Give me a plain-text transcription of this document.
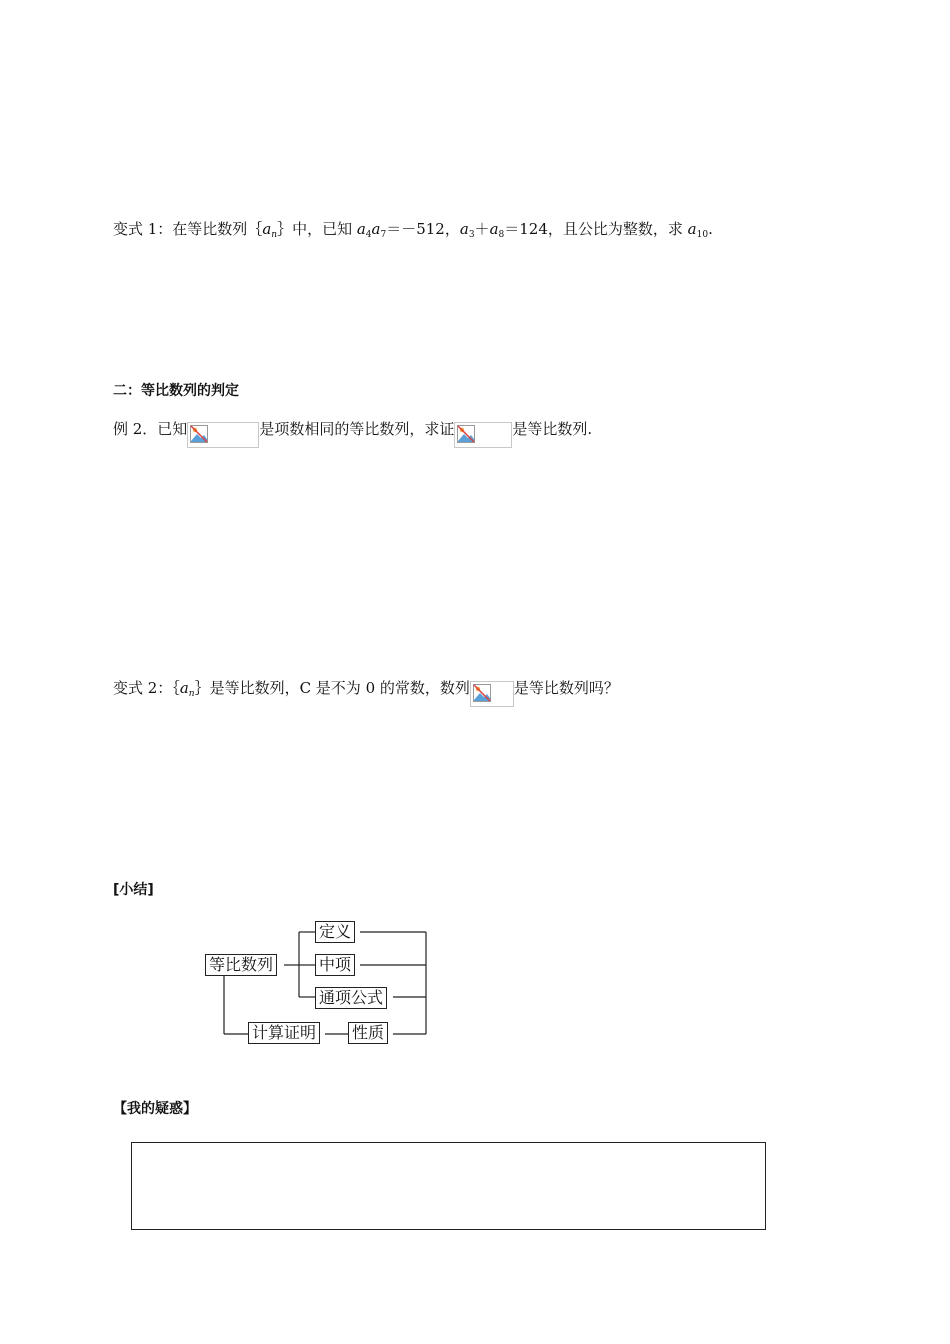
变式 1：在等比数列$\{a_n\}$中，已知 $a_4a_7=-512$，$a_3+a_8=124$，且公比为整数，求 $a_{10}$.
二：等比数列的判定
例 2．已知	是项数相同的等比数列，求证	是等比数列.
变式 2：$\{a_n\}$是等比数列，C 是不为 0 的常数，数列	是等比数列吗？
[小结]
等比数列
定义
中项
通项公式
计算证明 性质
【我的疑惑】
